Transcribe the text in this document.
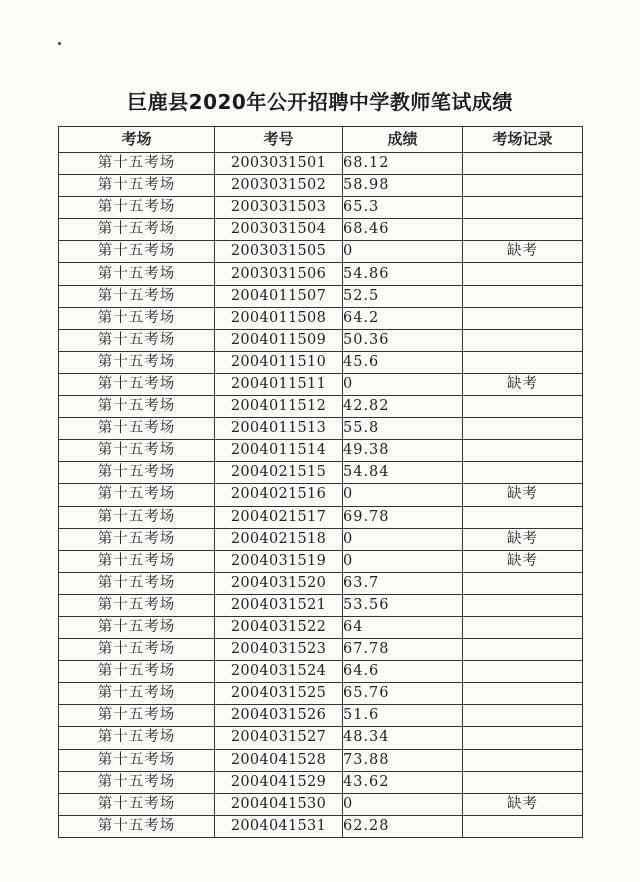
巨鹿县2020年公开招聘中学教师笔试成绩
考场	考号	成绩	考场记录
第十五考场	2003031501	68.12	
第十五考场	2003031502	58.98	
第十五考场	2003031503	65.3	
第十五考场	2003031504	68.46	
第十五考场	2003031505	0	缺考
第十五考场	2003031506	54.86	
第十五考场	2004011507	52.5	
第十五考场	2004011508	64.2	
第十五考场	2004011509	50.36	
第十五考场	2004011510	45.6	
第十五考场	2004011511	0	缺考
第十五考场	2004011512	42.82	
第十五考场	2004011513	55.8	
第十五考场	2004011514	49.38	
第十五考场	2004021515	54.84	
第十五考场	2004021516	0	缺考
第十五考场	2004021517	69.78	
第十五考场	2004021518	0	缺考
第十五考场	2004031519	0	缺考
第十五考场	2004031520	63.7	
第十五考场	2004031521	53.56	
第十五考场	2004031522	64	
第十五考场	2004031523	67.78	
第十五考场	2004031524	64.6	
第十五考场	2004031525	65.76	
第十五考场	2004031526	51.6	
第十五考场	2004031527	48.34	
第十五考场	2004041528	73.88	
第十五考场	2004041529	43.62	
第十五考场	2004041530	0	缺考
第十五考场	2004041531	62.28	
